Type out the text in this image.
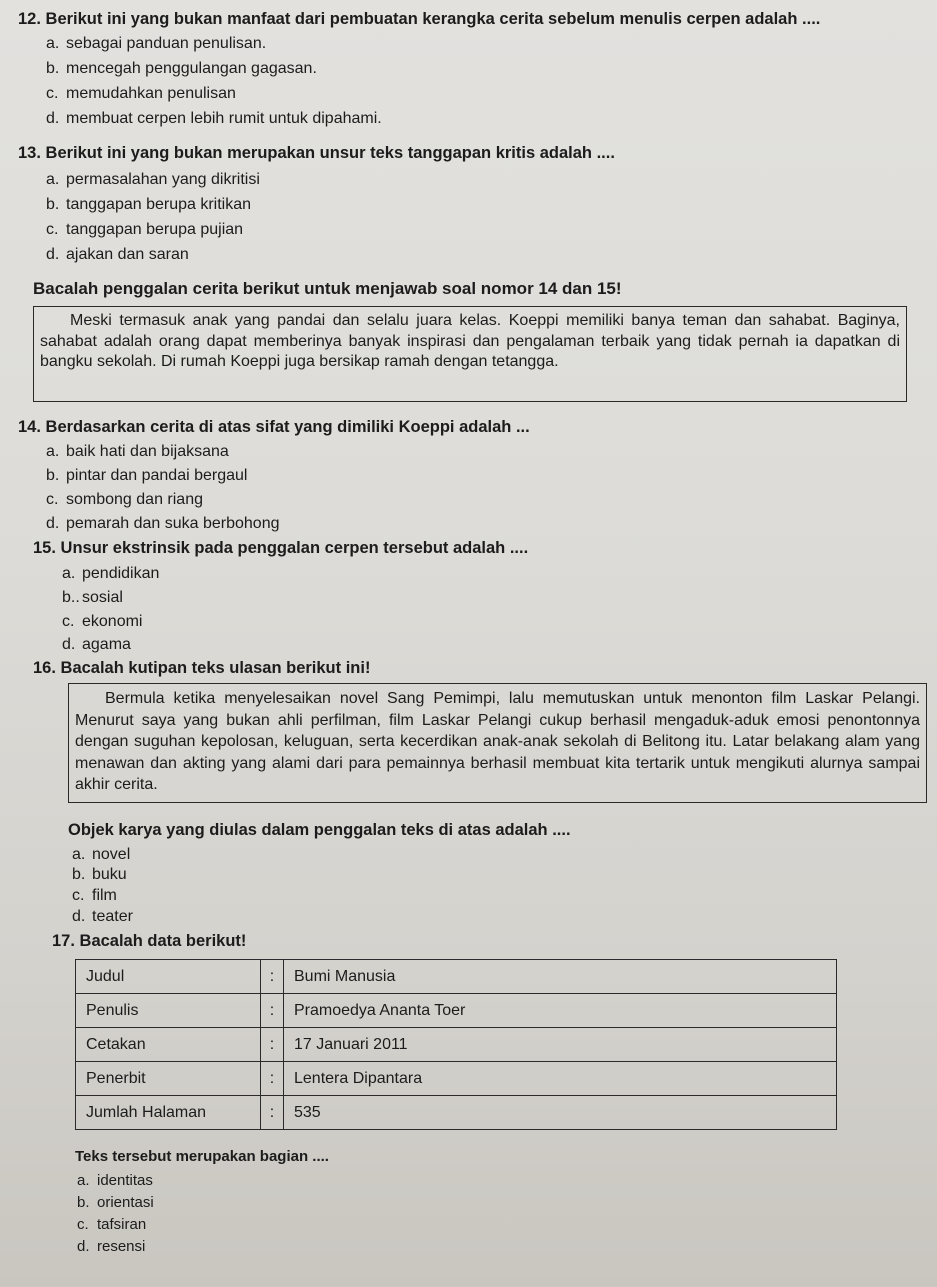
12. Berikut ini yang bukan manfaat dari pembuatan kerangka cerita sebelum menulis cerpen adalah ....
a. sebagai panduan penulisan.
b. mencegah penggulangan gagasan.
c. memudahkan penulisan
d. membuat cerpen lebih rumit untuk dipahami.
13. Berikut ini yang bukan merupakan unsur teks tanggapan kritis adalah ....
a. permasalahan yang dikritisi
b. tanggapan berupa kritikan
c. tanggapan berupa pujian
d. ajakan dan saran
Bacalah penggalan cerita berikut untuk menjawab soal nomor 14 dan 15!

Meski termasuk anak yang pandai dan selalu juara kelas. Koeppi memiliki banya teman dan sahabat. Baginya, sahabat adalah orang dapat memberinya banyak inspirasi dan pengalaman terbaik yang tidak pernah ia dapatkan di bangku sekolah. Di rumah Koeppi juga bersikap ramah dengan tetangga.

14. Berdasarkan cerita di atas sifat yang dimiliki Koeppi adalah ...
a. baik hati dan bijaksana
b. pintar dan pandai bergaul
c. sombong dan riang
d. pemarah dan suka berbohong
15. Unsur ekstrinsik pada penggalan cerpen tersebut adalah ....
a. pendidikan
b.. sosial
c. ekonomi
d. agama
16. Bacalah kutipan teks ulasan berikut ini!

Bermula ketika menyelesaikan novel Sang Pemimpi, lalu memutuskan untuk menonton film Laskar Pelangi. Menurut saya yang bukan ahli perfilman, film Laskar Pelangi cukup berhasil mengaduk-aduk emosi penontonnya dengan suguhan kepolosan, keluguan, serta kecerdikan anak-anak sekolah di Belitong itu. Latar belakang alam yang menawan dan akting yang alami dari para pemainnya berhasil membuat kita tertarik untuk mengikuti alurnya sampai akhir cerita.

Objek karya yang diulas dalam penggalan teks di atas adalah ....
a. novel
b. buku
c. film
d. teater
17. Bacalah data berikut!
Judul	:	Bumi Manusia
Penulis	:	Pramoedya Ananta Toer
Cetakan	:	17 Januari 2011
Penerbit	:	Lentera Dipantara
Jumlah Halaman	:	535
Teks tersebut merupakan bagian ....
a. identitas
b. orientasi
c. tafsiran
d. resensi
